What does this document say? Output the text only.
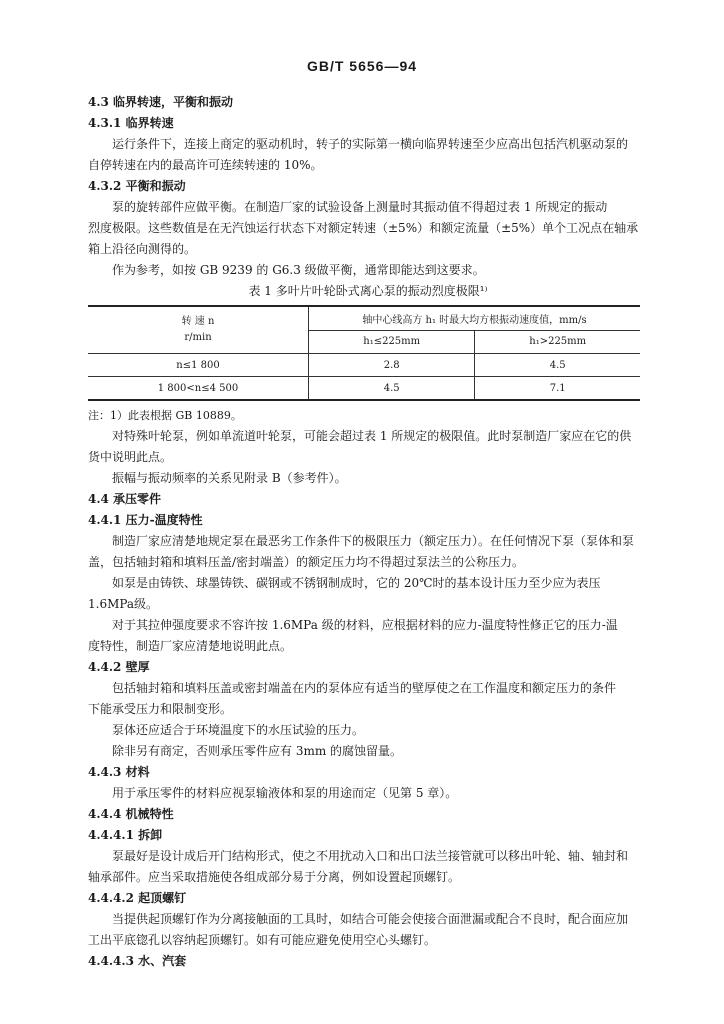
GB/T 5656—94
4.3 临界转速，平衡和振动
4.3.1 临界转速
运行条件下，连接上商定的驱动机时，转子的实际第一横向临界转速至少应高出包括汽机驱动泵的
自停转速在内的最高许可连续转速的 10%。
4.3.2 平衡和振动
泵的旋转部件应做平衡。在制造厂家的试验设备上测量时其振动值不得超过表 1 所规定的振动
烈度极限。这些数值是在无汽蚀运行状态下对额定转速（±5%）和额定流量（±5%）单个工况点在轴承
箱上沿径向测得的。
作为参考，如按 GB 9239 的 G6.3 级做平衡，通常即能达到这要求。
表 1 多叶片叶轮卧式离心泵的振动烈度极限¹⁾
转 速 n
r/min	轴中心线高方 h₁ 时最大均方根振动速度值，mm/s	
	h₁≤225mm	h₁>225mm
n≤1 800	2.8	4.5
1 800<n≤4 500	4.5	7.1
注：1）此表根据 GB 10889。
对特殊叶轮泵，例如单流道叶轮泵，可能会超过表 1 所规定的极限值。此时泵制造厂家应在它的供
货中说明此点。
振幅与振动频率的关系见附录 B（参考件）。
4.4 承压零件
4.4.1 压力-温度特性
制造厂家应清楚地规定泵在最恶劣工作条件下的极限压力（额定压力）。在任何情况下泵（泵体和泵
盖，包括轴封箱和填料压盖/密封端盖）的额定压力均不得超过泵法兰的公称压力。
如泵是由铸铁、球墨铸铁、碳钢或不锈钢制成时，它的 20℃时的基本设计压力至少应为表压
1.6MPa级。
对于其拉伸强度要求不容许按 1.6MPa 级的材料，应根据材料的应力-温度特性修正它的压力-温
度特性，制造厂家应清楚地说明此点。
4.4.2 壁厚
包括轴封箱和填料压盖或密封端盖在内的泵体应有适当的壁厚使之在工作温度和额定压力的条件
下能承受压力和限制变形。
泵体还应适合于环境温度下的水压试验的压力。
除非另有商定，否则承压零件应有 3mm 的腐蚀留量。
4.4.3 材料
用于承压零件的材料应视泵输液体和泵的用途而定（见第 5 章）。
4.4.4 机械特性
4.4.4.1 拆卸
泵最好是设计成后开门结构形式，使之不用扰动入口和出口法兰接管就可以移出叶轮、轴、轴封和
轴承部件。应当采取措施使各组成部分易于分离，例如设置起顶螺钉。
4.4.4.2 起顶螺钉
当提供起顶螺钉作为分离接触面的工具时，如结合可能会使接合面泄漏或配合不良时，配合面应加
工出平底锪孔以容纳起顶螺钉。如有可能应避免使用空心头螺钉。
4.4.4.3 水、汽套
